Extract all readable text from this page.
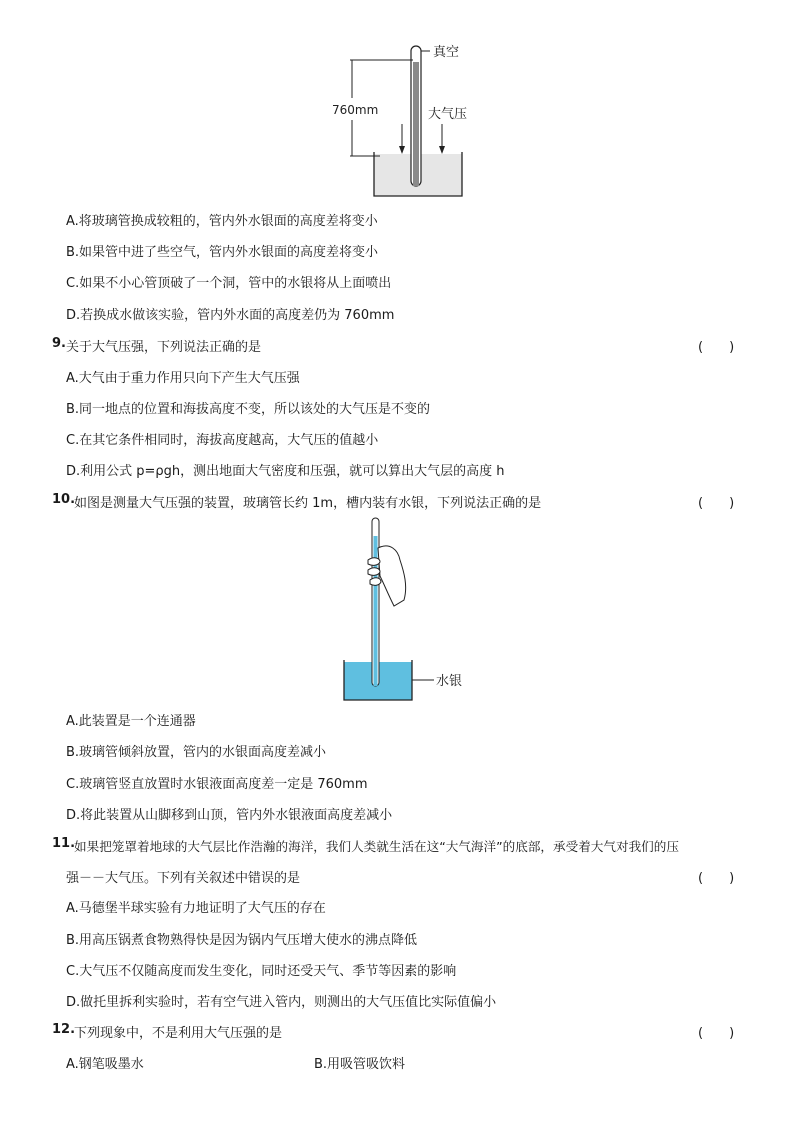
真空
760mm	大气压
A.将玻璃管换成较粗的，管内外水银面的高度差将变小
B.如果管中进了些空气，管内外水银面的高度差将变小
C.如果不小心管顶破了一个洞，管中的水银将从上面喷出
D.若换成水做该实验，管内外水面的高度差仍为 760mm
9. 关于大气压强，下列说法正确的是	(　　)
A.大气由于重力作用只向下产生大气压强
B.同一地点的位置和海拔高度不变，所以该处的大气压是不变的
C.在其它条件相同时，海拔高度越高，大气压的值越小
D.利用公式 p=ρgh，测出地面大气密度和压强，就可以算出大气层的高度 h
10.
如图是测量大气压强的装置，玻璃管长约 1m，槽内装有水银，下列说法正确的是	(　　)
水银
A.此装置是一个连通器
B.玻璃管倾斜放置，管内的水银面高度差减小
C.玻璃管竖直放置时水银液面高度差一定是 760mm
D.将此装置从山脚移到山顶，管内外水银液面高度差减小
11.
如果把笼罩着地球的大气层比作浩瀚的海洋，我们人类就生活在这“大气海洋”的底部，承受着大气对我们的压
强－－大气压。下列有关叙述中错误的是	(　　)
A.马德堡半球实验有力地证明了大气压的存在
B.用高压锅煮食物熟得快是因为锅内气压增大使水的沸点降低
C.大气压不仅随高度而发生变化，同时还受天气、季节等因素的影响
D.做托里拆利实验时，若有空气进入管内，则测出的大气压值比实际值偏小
12.
下列现象中，不是利用大气压强的是	(　　)
A.钢笔吸墨水	B.用吸管吸饮料
